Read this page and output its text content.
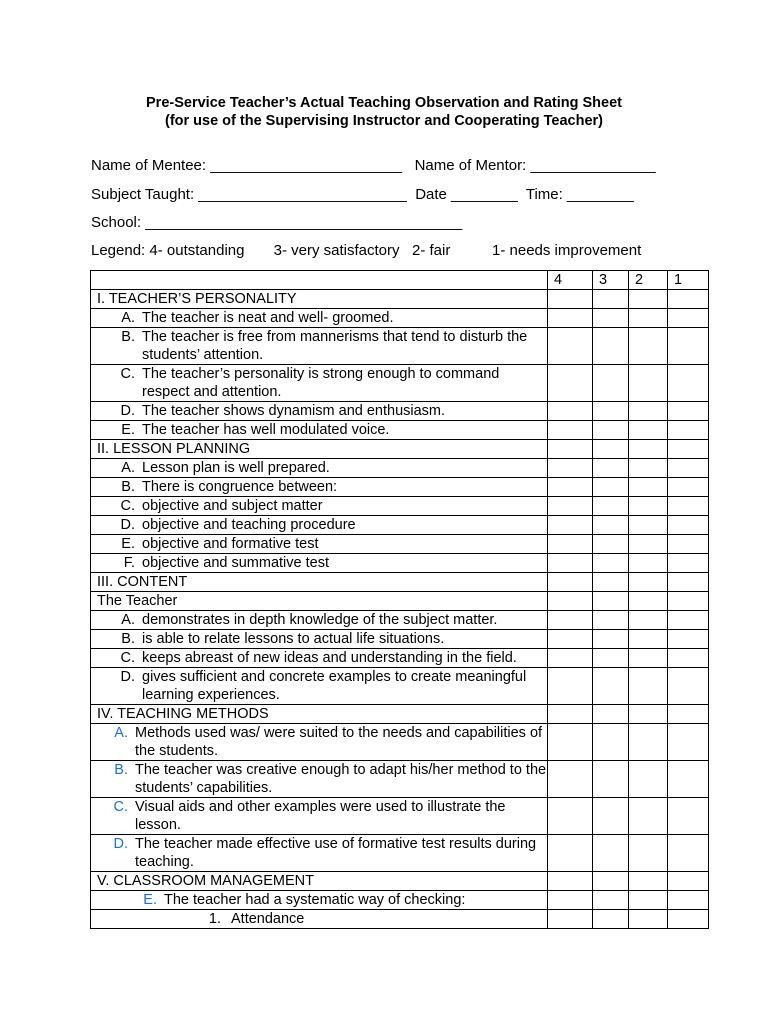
Pre-Service Teacher’s Actual Teaching Observation and Rating Sheet
(for use of the Supervising Instructor and Cooperating Teacher)
Name of Mentee: _______________________   Name of Mentor: _______________
Subject Taught: _________________________  Date ________  Time: ________
School: ______________________________________
Legend: 4- outstanding       3- very satisfactory   2- fair          1- needs improvement
	4	3	2	1
I. TEACHER’S PERSONALITY				

A. The teacher is neat and well- groomed.				

B. The teacher is free from mannerisms that tend to disturb the students’ attention.				

C. The teacher’s personality is strong enough to command respect and attention.				

D. The teacher shows dynamism and enthusiasm.				

E. The teacher has well modulated voice.				

II. LESSON PLANNING				

A. Lesson plan is well prepared.				

B. There is congruence between:				

C. objective and subject matter				

D. objective and teaching procedure				

E. objective and formative test				

F. objective and summative test				

III. CONTENT				
The Teacher				

A. demonstrates in depth knowledge of the subject matter.				

B. is able to relate lessons to actual life situations.				

C. keeps abreast of new ideas and understanding in the field.				

D. gives sufficient and concrete examples to create meaningful learning experiences.				

IV. TEACHING METHODS				

A. Methods used was/ were suited to the needs and capabilities of the students.				

B. The teacher was creative enough to adapt his/her method to the students’ capabilities.				

C. Visual aids and other examples were used to illustrate the lesson.				

D. The teacher made effective use of formative test results during teaching.				

V. CLASSROOM MANAGEMENT				

E. The teacher had a systematic way of checking:				

1. Attendance				
